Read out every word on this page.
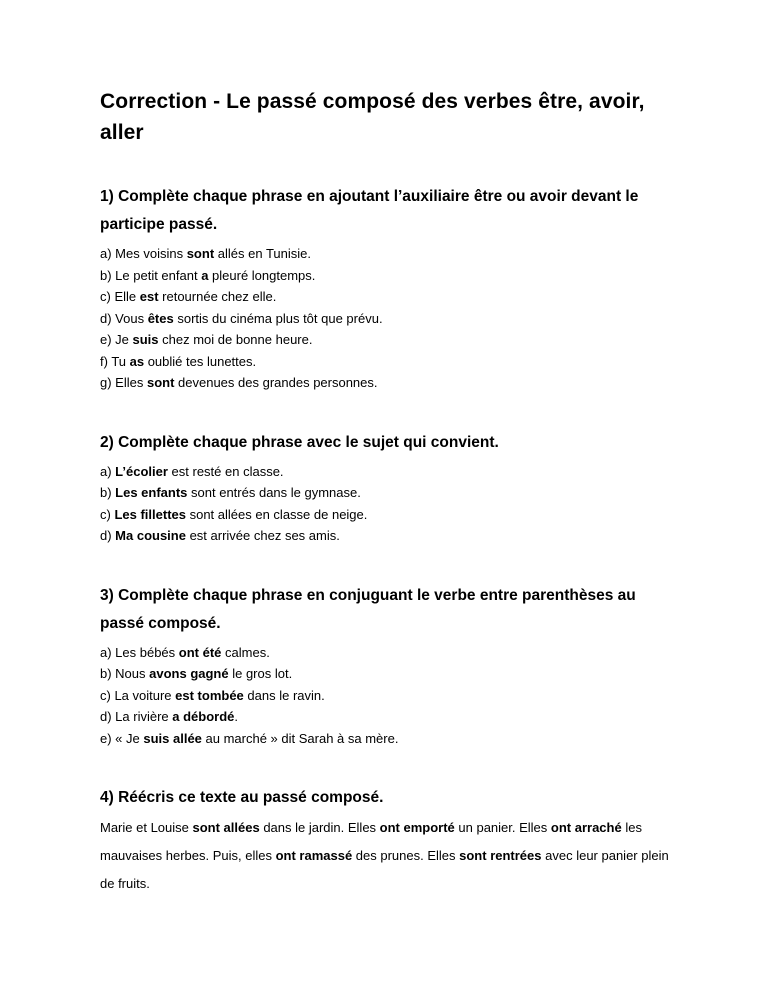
Correction - Le passé composé des verbes être, avoir, aller
1) Complète chaque phrase en ajoutant l’auxiliaire être ou avoir devant le participe passé.

a) Mes voisins sont allés en Tunisie.

b) Le petit enfant a pleuré longtemps.

c) Elle est retournée chez elle.

d) Vous êtes sortis du cinéma plus tôt que prévu.

e) Je suis chez moi de bonne heure.

f) Tu as oublié tes lunettes.

g) Elles sont devenues des grandes personnes.

2) Complète chaque phrase avec le sujet qui convient.

a) L’écolier est resté en classe.

b) Les enfants sont entrés dans le gymnase.

c) Les fillettes sont allées en classe de neige.

d) Ma cousine est arrivée chez ses amis.

3) Complète chaque phrase en conjuguant le verbe entre parenthèses au passé composé.

a) Les bébés ont été calmes.

b) Nous avons gagné le gros lot.

c) La voiture est tombée dans le ravin.

d) La rivière a débordé.

e) « Je suis allée au marché » dit Sarah à sa mère.

4) Réécris ce texte au passé composé.

Marie et Louise sont allées dans le jardin. Elles ont emporté un panier. Elles ont arraché les mauvaises herbes. Puis, elles ont ramassé des prunes. Elles sont rentrées avec leur panier plein de fruits.
